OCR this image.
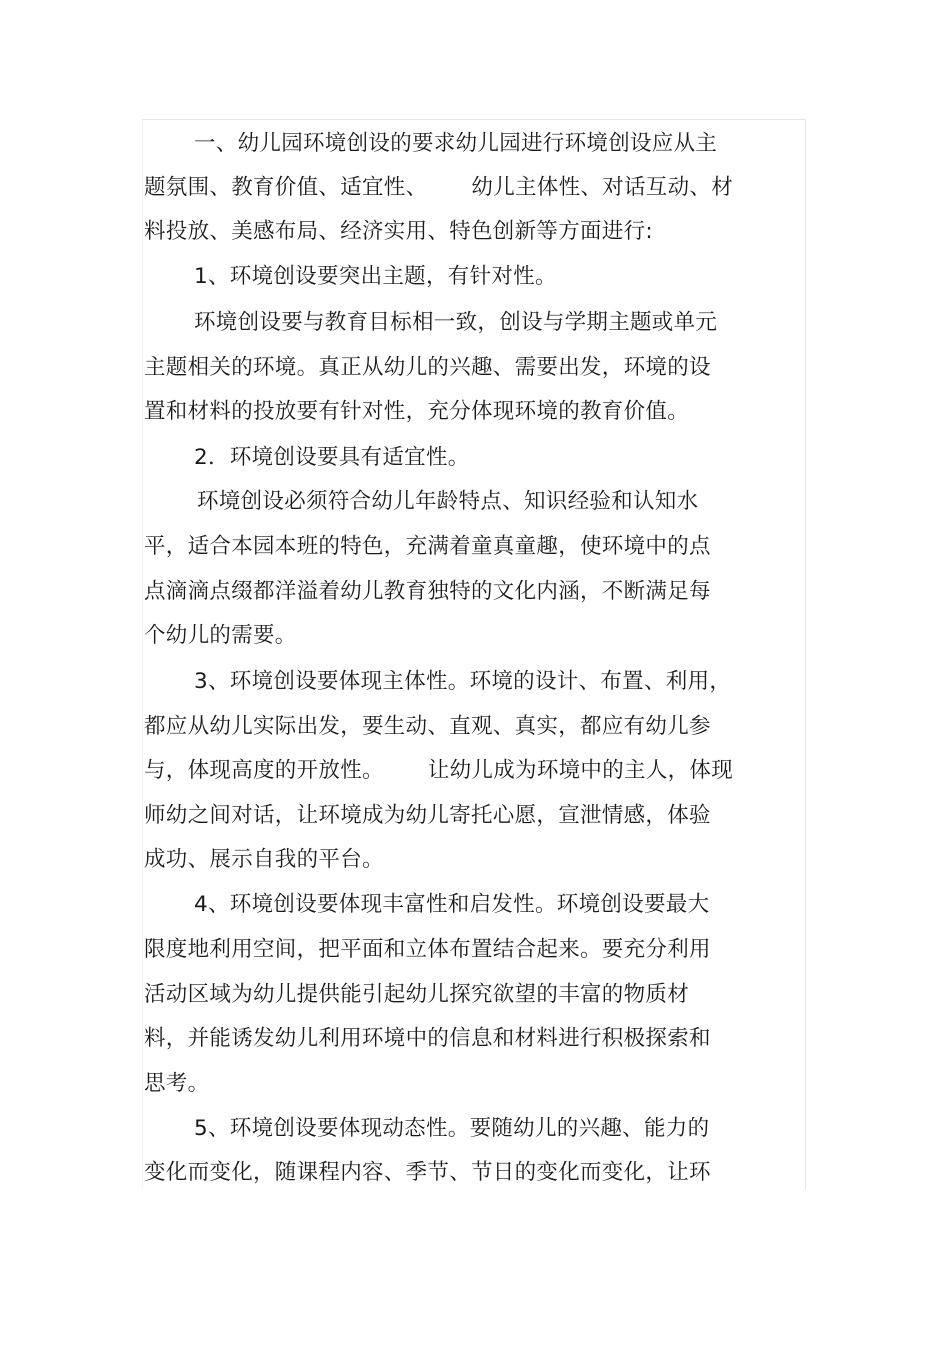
一、幼儿园环境创设的要求幼儿园进行环境创设应从主
题氛围、教育价值、适宜性、 幼儿主体性、对话互动、材
料投放、美感布局、经济实用、特色创新等方面进行:
1、环境创设要突出主题，有针对性。
环境创设要与教育目标相一致，创设与学期主题或单元
主题相关的环境。真正从幼儿的兴趣、需要出发，环境的设
置和材料的投放要有针对性，充分体现环境的教育价值。
2．环境创设要具有适宜性。
环境创设必须符合幼儿年龄特点、知识经验和认知水
平，适合本园本班的特色，充满着童真童趣，使环境中的点
点滴滴点缀都洋溢着幼儿教育独特的文化内涵，不断满足每
个幼儿的需要。
3、环境创设要体现主体性。环境的设计、布置、利用，
都应从幼儿实际出发，要生动、直观、真实，都应有幼儿参
与，体现高度的开放性。 让幼儿成为环境中的主人，体现
师幼之间对话，让环境成为幼儿寄托心愿，宣泄情感，体验
成功、展示自我的平台。
4、环境创设要体现丰富性和启发性。环境创设要最大
限度地利用空间，把平面和立体布置结合起来。要充分利用
活动区域为幼儿提供能引起幼儿探究欲望的丰富的物质材
料，并能诱发幼儿利用环境中的信息和材料进行积极探索和
思考。
5、环境创设要体现动态性。要随幼儿的兴趣、能力的
变化而变化，随课程内容、季节、节日的变化而变化，让环
